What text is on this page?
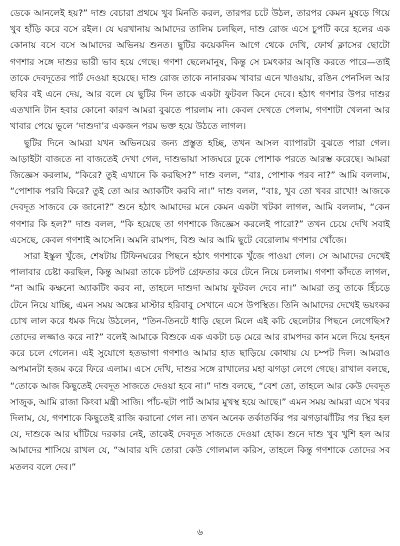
ডেকে আনলেই হয়?” দাশু বেচারা প্রথমে খুব মিনতি করল, তারপর চটে উঠল, তারপর কেমন মুষড়ে গিয়ে খুব হাঁড়ি করে বসে রইল। যে ঘরখানায় আমাদের তালিম চলছিল, দাশু রোজ এসে চুপটি করে হলের এক কোনায় বসে বসে আমাদের অভিনয় শুনত। ছুটির কয়েকদিন আগে থেকে দেখি, ফোর্থ ক্লাসের ছোটো গণশার সঙ্গে দাশুর ভারী ভাব হয়ে গেছে। গণশা ছেলেমানুষ, কিন্তু সে চমৎকার আবৃত্তি করতে পারে—তাই তাকে দেবদূতের পার্ট দেওয়া হয়েছে। দাশু রোজ তাকে নানারকম খাবার এনে খাওয়ায়, রঙিন পেনসিল আর ছবির বই এনে দেয়, আর বলে যে ছুটির দিন তাকে একটা ফুটবল কিনে দেবে। হঠাৎ গণশার উপর দাশুর এতখানি টান হবার কোনো কারণ আমরা বুঝতে পারলাম না। কেবল দেখতে পেলাম, গণশাটা খেলনা আর খাবার পেয়ে ভুলে ‘দাশুদা’র একজন পরম ভক্ত হয়ে উঠতে লাগল।

ছুটির দিনে আমরা যখন অভিনয়ের জন্য প্রস্তুত হচ্ছি, তখন আসল ব্যাপারটা বুঝতে পারা গেল। আড়াইটা বাজতে না বাজতেই দেখা গেল, দাশুভায়া সাজঘরে ঢুকে পোশাক পরতে আরম্ভ করেছে। আমরা জিজ্ঞেস করলাম, “কিরে? তুই এখানে কি করছিস?” দাশু বলল, “বাঃ, পোশাক পরব না?” আমি বললাম, “পোশাক পরবি কিরে? তুই তো আর অ্যাকটিং করবি না।” দাশু বলল, “বাঃ, খুব তো খবর রাখো! আজকে দেবদূত সাজবে কে জানো?” শুনে হঠাৎ আমাদের মনে কেমন একটা খটকা লাগল, আমি বললাম, “কেন গণশার কি হল?” দাশু বলল, “কি হয়েছে তা গণশাকে জিজ্ঞেস করলেই পারো?” তখন চেয়ে দেখি সবাই এসেছে, কেবল গণশাই আসেনি। অমনি রামপদ, বিশু আর আমি ছুটে বেরোলাম গণশার খোঁজে।

সারা ইস্কুল খুঁজে, শেষটায় টিফিনঘরের পিছনে হঠাৎ গণশাকে খুঁজে পাওয়া গেল। সে আমাদের দেখেই পালাবার চেষ্টা করছিল, কিন্তু আমরা তাকে চটপট গ্রেফতার করে টেনে নিয়ে চললাম। গণশা কাঁদতে লাগল, “না আমি কক্ষনো অ্যাকটিং করব না, তাহলে দাশুদা আমায় ফুটবল দেবে না।” আমরা তবু তাকে হিঁচড়ে টেনে নিয়ে যাচ্ছি, এমন সময় অঙ্কের মাস্টার হরিবাবু সেখানে এসে উপস্থিত। তিনি আমাদের দেখেই ভয়ংকর চোখ লাল করে ধমক দিয়ে উঠলেন, “তিন-তিনটে ধাড়ি ছেলে মিলে এই কচি ছেলেটার পিছনে লেগেছিস? তোদের লজ্জাও করে না?” বলেই আমাকে বিশুকে এক একটা চড় মেরে আর রামপদর কান মলে দিয়ে হনহন করে চলে গেলেন। এই সুযোগে হতভাগা গণশাও আমার হাত ছাড়িয়ে কোথায় যে চম্পট দিল। আমরাও অপমানটা হজম করে ফিরে এলাম। এসে দেখি, দাশুর সঙ্গে রাখালের মহা ঝগড়া লেগে গেছে। রাখাল বলছে, “তোকে আজ কিছুতেই দেবদূত সাজতে দেওয়া হবে না।” দাশু বলছে, “বেশ তো, তাহলে আর কেউ দেবদূত সাজুক, আমি রাজা কিংবা মন্ত্রী সাজি। পাঁচ-ছটা পার্ট আমার মুখস্থ হয়ে আছে।” এমন সময় আমরা এসে খবর দিলাম, যে, গণশাকে কিছুতেই রাজি করানো গেল না। তখন অনেক তর্কাতর্কির পর ঝগড়াঝাঁটির পর স্থির হল যে, দাশুকে আর ঘাঁটিয়ে দরকার নেই, তাকেই দেবদূত সাজতে দেওয়া হোক। শুনে দাশু খুব খুশি হল আর আমাদের শাসিয়ে রাখল যে, “আবার যদি তোরা কেউ গোলমাল করিস, তাহলে কিন্তু গণশাকে তোদের সব মতলব বলে দেব।”

৬
